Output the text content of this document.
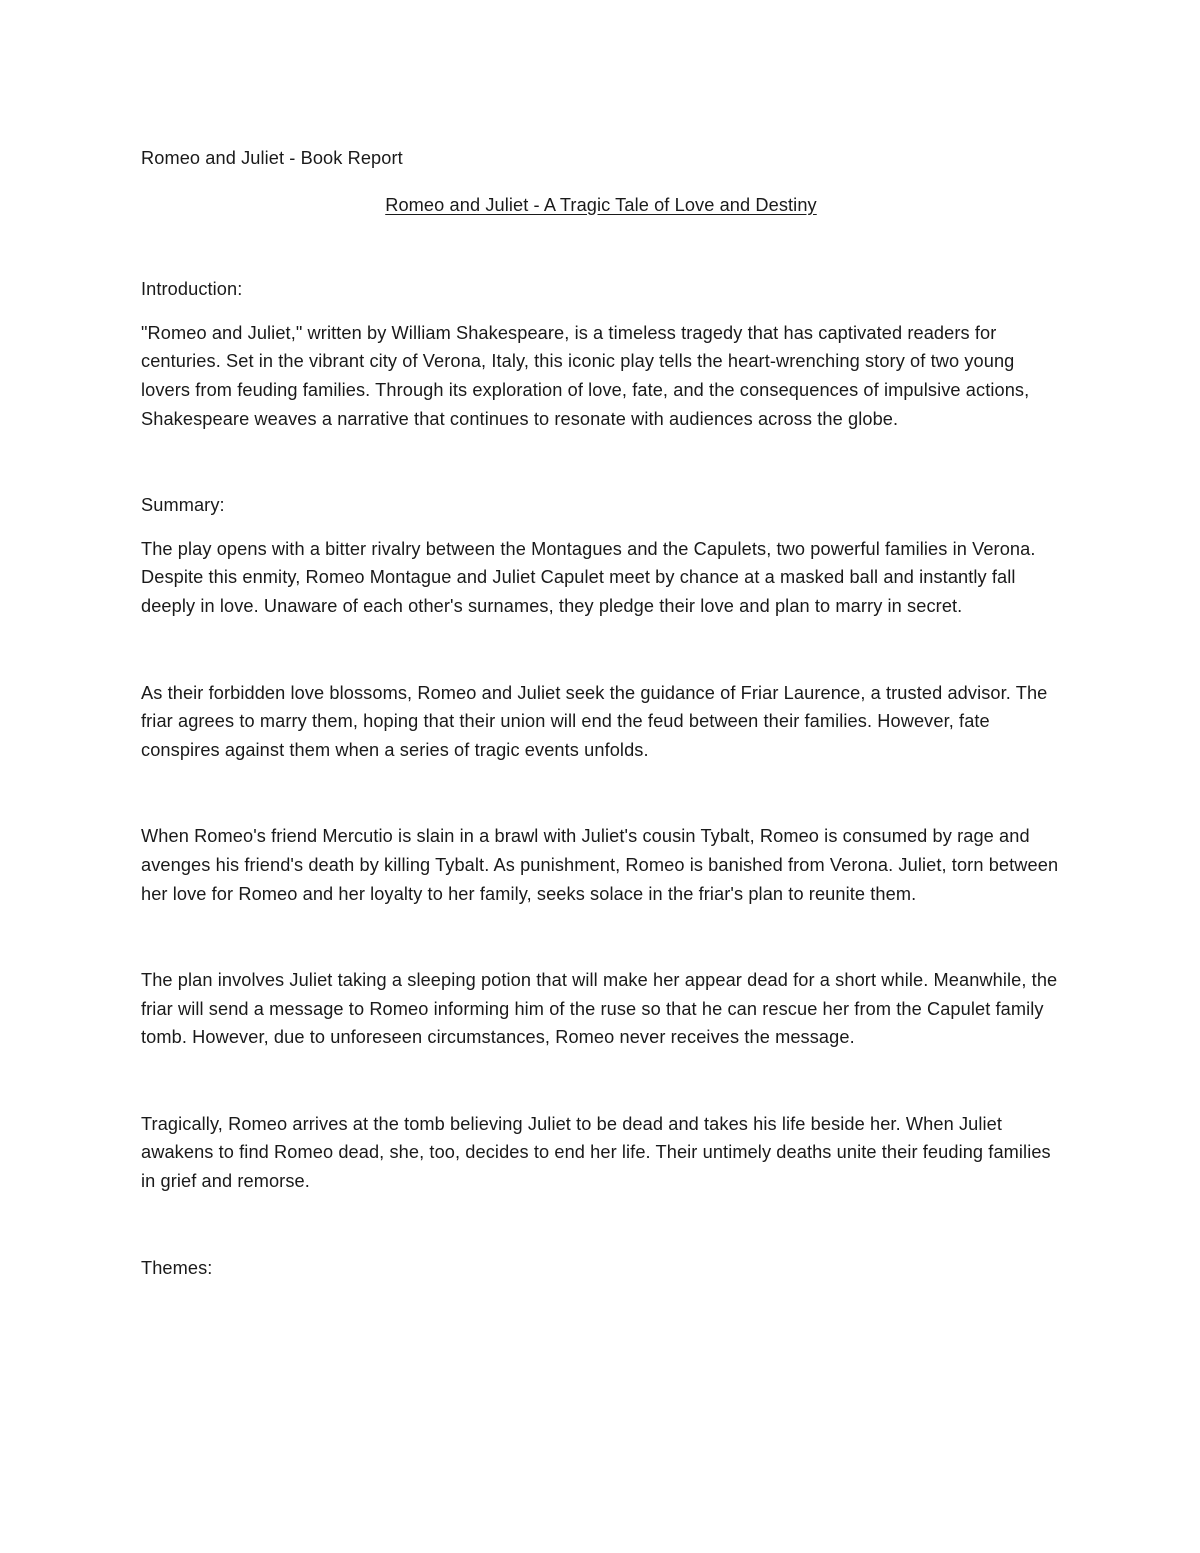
Romeo and Juliet - Book Report

Romeo and Juliet - A Tragic Tale of Love and Destiny

Introduction:

"Romeo and Juliet," written by William Shakespeare, is a timeless tragedy that has captivated readers for centuries. Set in the vibrant city of Verona, Italy, this iconic play tells the heart-wrenching story of two young lovers from feuding families. Through its exploration of love, fate, and the consequences of impulsive actions, Shakespeare weaves a narrative that continues to resonate with audiences across the globe.

Summary:

The play opens with a bitter rivalry between the Montagues and the Capulets, two powerful families in Verona. Despite this enmity, Romeo Montague and Juliet Capulet meet by chance at a masked ball and instantly fall deeply in love. Unaware of each other's surnames, they pledge their love and plan to marry in secret.

As their forbidden love blossoms, Romeo and Juliet seek the guidance of Friar Laurence, a trusted advisor. The friar agrees to marry them, hoping that their union will end the feud between their families. However, fate conspires against them when a series of tragic events unfolds.

When Romeo's friend Mercutio is slain in a brawl with Juliet's cousin Tybalt, Romeo is consumed by rage and avenges his friend's death by killing Tybalt. As punishment, Romeo is banished from Verona. Juliet, torn between her love for Romeo and her loyalty to her family, seeks solace in the friar's plan to reunite them.

The plan involves Juliet taking a sleeping potion that will make her appear dead for a short while. Meanwhile, the friar will send a message to Romeo informing him of the ruse so that he can rescue her from the Capulet family tomb. However, due to unforeseen circumstances, Romeo never receives the message.

Tragically, Romeo arrives at the tomb believing Juliet to be dead and takes his life beside her. When Juliet awakens to find Romeo dead, she, too, decides to end her life. Their untimely deaths unite their feuding families in grief and remorse.

Themes:
